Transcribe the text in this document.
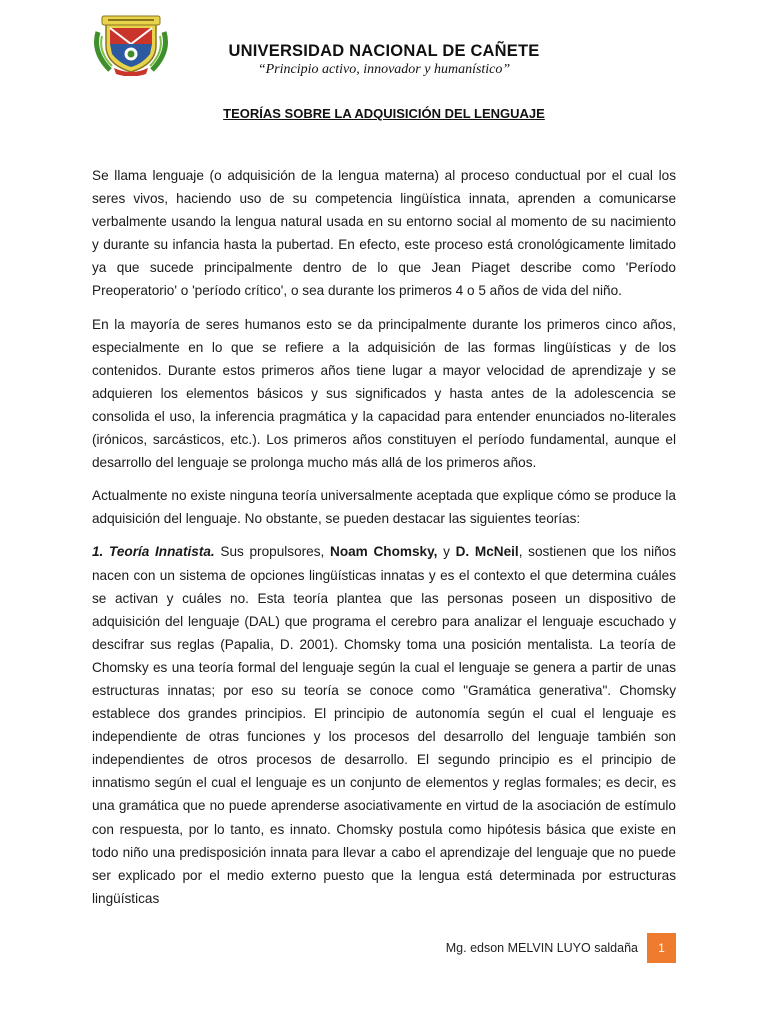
UNIVERSIDAD NACIONAL DE CAÑETE
“Principio activo, innovador y humanístico”
TEORÍAS SOBRE LA ADQUISICIÓN DEL LENGUAJE

Se llama lenguaje (o adquisición de la lengua materna) al proceso conductual por el cual los seres vivos, haciendo uso de su competencia lingüística innata, aprenden a comunicarse verbalmente usando la lengua natural usada en su entorno social al momento de su nacimiento y durante su infancia hasta la pubertad. En efecto, este proceso está cronológicamente limitado ya que sucede principalmente dentro de lo que Jean Piaget describe como 'Período Preoperatorio' o 'período crítico', o sea durante los primeros 4 o 5 años de vida del niño.

En la mayoría de seres humanos esto se da principalmente durante los primeros cinco años, especialmente en lo que se refiere a la adquisición de las formas lingüísticas y de los contenidos. Durante estos primeros años tiene lugar a mayor velocidad de aprendizaje y se adquieren los elementos básicos y sus significados y hasta antes de la adolescencia se consolida el uso, la inferencia pragmática y la capacidad para entender enunciados no-literales (irónicos, sarcásticos, etc.). Los primeros años constituyen el período fundamental, aunque el desarrollo del lenguaje se prolonga mucho más allá de los primeros años.

Actualmente no existe ninguna teoría universalmente aceptada que explique cómo se produce la adquisición del lenguaje. No obstante, se pueden destacar las siguientes teorías:

1. Teoría Innatista. Sus propulsores, Noam Chomsky, y D. McNeil, sostienen que los niños nacen con un sistema de opciones lingüísticas innatas y es el contexto el que determina cuáles se activan y cuáles no. Esta teoría plantea que las personas poseen un dispositivo de adquisición del lenguaje (DAL) que programa el cerebro para analizar el lenguaje escuchado y descifrar sus reglas (Papalia, D. 2001). Chomsky toma una posición mentalista. La teoría de Chomsky es una teoría formal del lenguaje según la cual el lenguaje se genera a partir de unas estructuras innatas; por eso su teoría se conoce como "Gramática generativa". Chomsky establece dos grandes principios. El principio de autonomía según el cual el lenguaje es independiente de otras funciones y los procesos del desarrollo del lenguaje también son independientes de otros procesos de desarrollo. El segundo principio es el principio de innatismo según el cual el lenguaje es un conjunto de elementos y reglas formales; es decir, es una gramática que no puede aprenderse asociativamente en virtud de la asociación de estímulo con respuesta, por lo tanto, es innato. Chomsky postula como hipótesis básica que existe en todo niño una predisposición innata para llevar a cabo el aprendizaje del lenguaje que no puede ser explicado por el medio externo puesto que la lengua está determinada por estructuras lingüísticas

Mg. edson MELVIN LUYO saldaña	1
